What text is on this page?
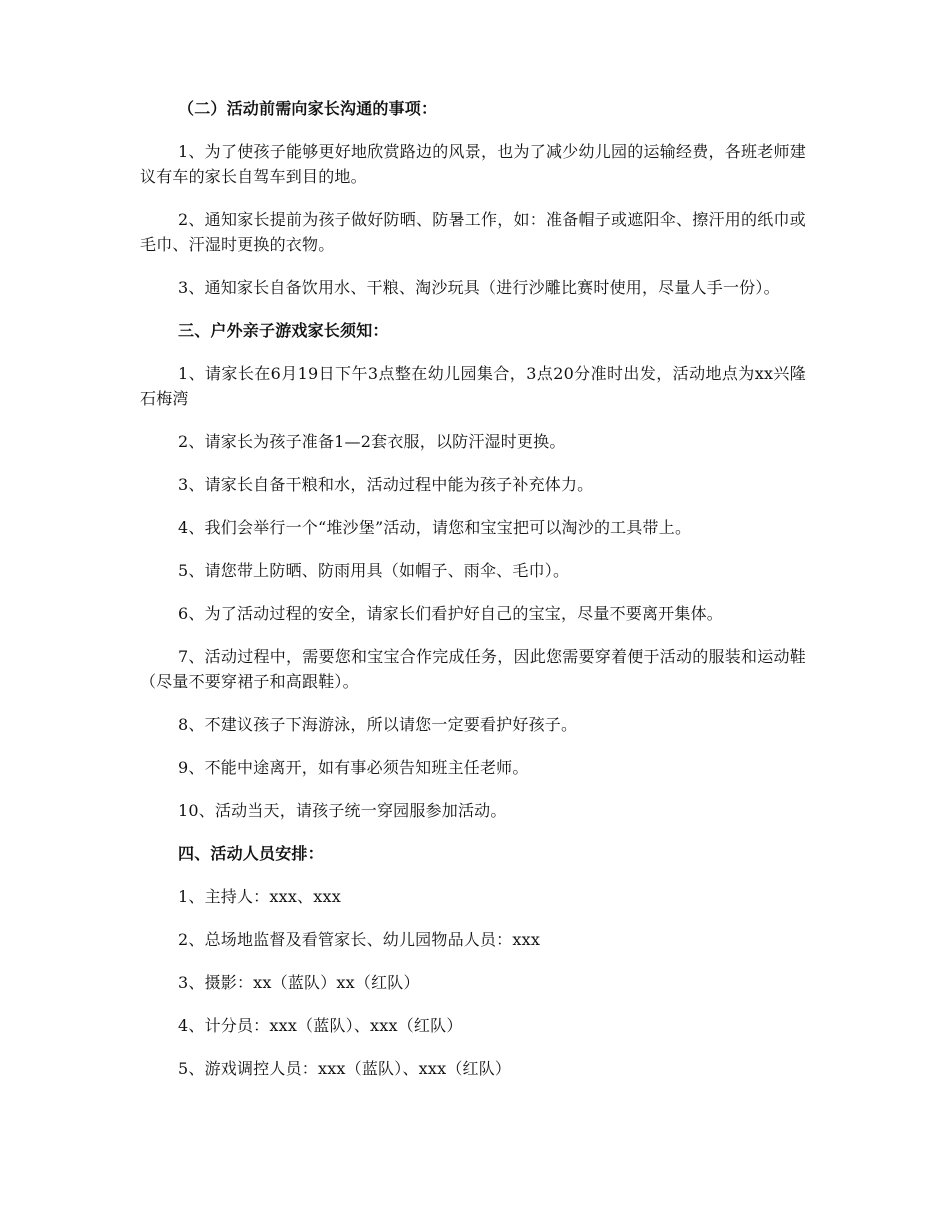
（二）活动前需向家长沟通的事项：

1、为了使孩子能够更好地欣赏路边的风景，也为了减少幼儿园的运输经费，各班老师建议有车的家长自驾车到目的地。

2、通知家长提前为孩子做好防晒、防暑工作，如：准备帽子或遮阳伞、擦汗用的纸巾或毛巾、汗湿时更换的衣物。

3、通知家长自备饮用水、干粮、淘沙玩具（进行沙雕比赛时使用，尽量人手一份）。

三、户外亲子游戏家长须知：

1、请家长在6月19日下午3点整在幼儿园集合，3点20分准时出发，活动地点为xx兴隆石梅湾

2、请家长为孩子准备1—2套衣服，以防汗湿时更换。

3、请家长自备干粮和水，活动过程中能为孩子补充体力。

4、我们会举行一个“堆沙堡”活动，请您和宝宝把可以淘沙的工具带上。

5、请您带上防晒、防雨用具（如帽子、雨伞、毛巾）。

6、为了活动过程的安全，请家长们看护好自己的宝宝，尽量不要离开集体。

7、活动过程中，需要您和宝宝合作完成任务，因此您需要穿着便于活动的服装和运动鞋（尽量不要穿裙子和高跟鞋）。

8、不建议孩子下海游泳，所以请您一定要看护好孩子。

9、不能中途离开，如有事必须告知班主任老师。

10、活动当天，请孩子统一穿园服参加活动。

四、活动人员安排：

1、主持人：xxx、xxx

2、总场地监督及看管家长、幼儿园物品人员：xxx

3、摄影：xx（蓝队）xx（红队）

4、计分员：xxx（蓝队）、xxx（红队）

5、游戏调控人员：xxx（蓝队）、xxx（红队）
